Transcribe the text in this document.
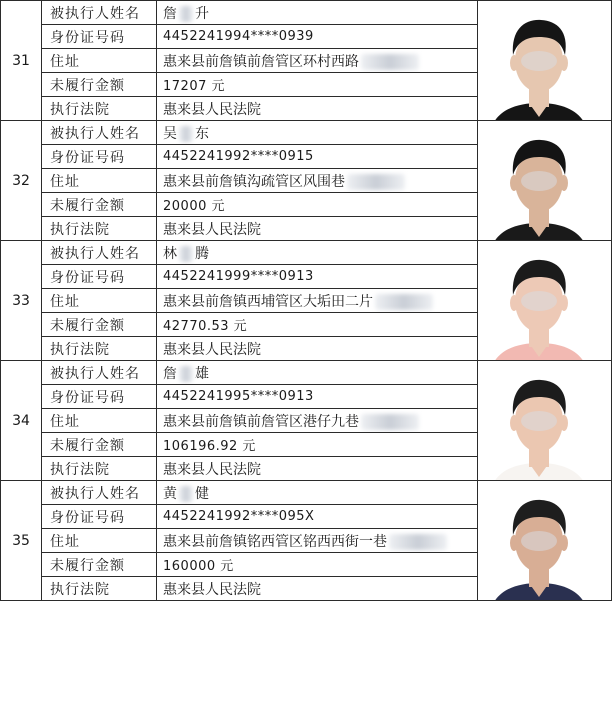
31	被执行人姓名	詹 升	

	身份证号码	4452241994****0939	
	住址	惠来县前詹镇前詹管区环村西路	
	未履行金额	17207 元	
	执行法院	惠来县人民法院	
32	被执行人姓名	吴 东	

	身份证号码	4452241992****0915	
	住址	惠来县前詹镇沟疏管区风围巷	
	未履行金额	20000 元	
	执行法院	惠来县人民法院	
33	被执行人姓名	林 腾	

	身份证号码	4452241999****0913	
	住址	惠来县前詹镇西埔管区大垢田二片	
	未履行金额	42770.53 元	
	执行法院	惠来县人民法院	
34	被执行人姓名	詹 雄	

	身份证号码	4452241995****0913	
	住址	惠来县前詹镇前詹管区港仔九巷	
	未履行金额	106196.92 元	
	执行法院	惠来县人民法院	
35	被执行人姓名	黄 健	

	身份证号码	4452241992****095X	
	住址	惠来县前詹镇铭西管区铭西西街一巷	
	未履行金额	160000 元	
	执行法院	惠来县人民法院	
